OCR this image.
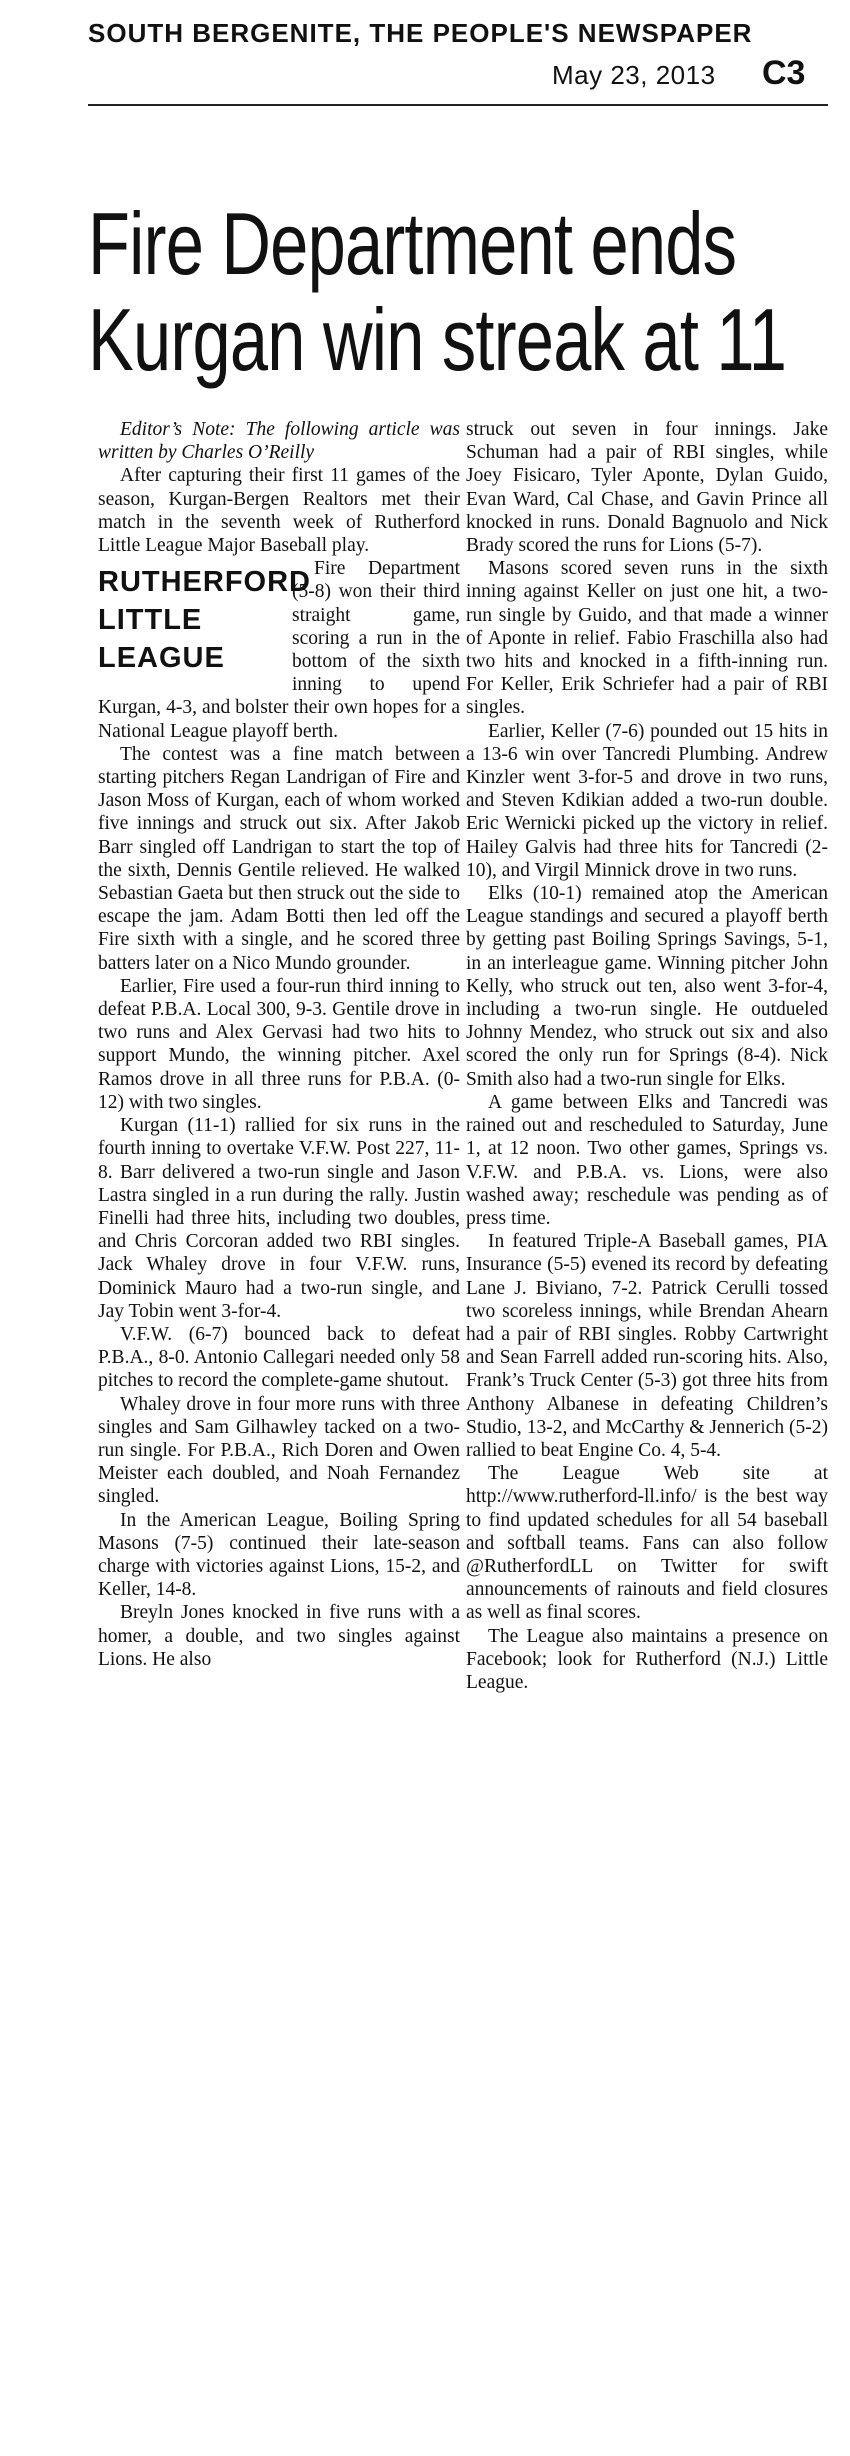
SOUTH BERGENITE, THE PEOPLE'S NEWSPAPER
May 23, 2013 C3
Fire Department ends
Kurgan win streak at 11

Editor’s Note: The following article was written by Charles O’Reilly

After capturing their first 11 games of the season, Kurgan-Bergen Realtors met their match in the seventh week of Rutherford Little League Major Baseball play.

RUTHERFORD
LITTLE LEAGUE

Fire Department (5-8) won their third straight game, scoring a run in the bottom of the sixth inning to upend Kurgan, 4-3, and bolster their own hopes for a National League playoff berth.

The contest was a fine match between starting pitchers Regan Landrigan of Fire and Jason Moss of Kurgan, each of whom worked five innings and struck out six. After Jakob Barr singled off Landrigan to start the top of the sixth, Dennis Gentile relieved. He walked Sebastian Gaeta but then struck out the side to escape the jam. Adam Botti then led off the Fire sixth with a single, and he scored three batters later on a Nico Mundo grounder.

Earlier, Fire used a four-run third inning to defeat P.B.A. Local 300, 9-3. Gentile drove in two runs and Alex Gervasi had two hits to support Mundo, the winning pitcher. Axel Ramos drove in all three runs for P.B.A. (0-12) with two singles.

Kurgan (11-1) rallied for six runs in the fourth inning to overtake V.F.W. Post 227, 11-8. Barr delivered a two-run single and Jason Lastra singled in a run during the rally. Justin Finelli had three hits, including two doubles, and Chris Corcoran added two RBI singles. Jack Whaley drove in four V.F.W. runs, Dominick Mauro had a two-run single, and Jay Tobin went 3-for-4.

V.F.W. (6-7) bounced back to defeat P.B.A., 8-0. Antonio Callegari needed only 58 pitches to record the complete-game shutout.

Whaley drove in four more runs with three singles and Sam Gilhawley tacked on a two-run single. For P.B.A., Rich Doren and Owen Meister each doubled, and Noah Fernandez singled.

In the American League, Boiling Spring Masons (7-5) continued their late-season charge with victories against Lions, 15-2, and Keller, 14-8.

Breyln Jones knocked in five runs with a homer, a double, and two singles against Lions. He also

struck out seven in four innings. Jake Schuman had a pair of RBI singles, while Joey Fisicaro, Tyler Aponte, Dylan Guido, Evan Ward, Cal Chase, and Gavin Prince all knocked in runs. Donald Bagnuolo and Nick Brady scored the runs for Lions (5-7).

Masons scored seven runs in the sixth inning against Keller on just one hit, a two-run single by Guido, and that made a winner of Aponte in relief. Fabio Fraschilla also had two hits and knocked in a fifth-inning run. For Keller, Erik Schriefer had a pair of RBI singles.

Earlier, Keller (7-6) pounded out 15 hits in a 13-6 win over Tancredi Plumbing. Andrew Kinzler went 3-for-5 and drove in two runs, and Steven Kdikian added a two-run double. Eric Wernicki picked up the victory in relief. Hailey Galvis had three hits for Tancredi (2-10), and Virgil Minnick drove in two runs.

Elks (10-1) remained atop the American League standings and secured a playoff berth by getting past Boiling Springs Savings, 5-1, in an interleague game. Winning pitcher John Kelly, who struck out ten, also went 3-for-4, including a two-run single. He outdueled Johnny Mendez, who struck out six and also scored the only run for Springs (8-4). Nick Smith also had a two-run single for Elks.

A game between Elks and Tancredi was rained out and rescheduled to Saturday, June 1, at 12 noon. Two other games, Springs vs. V.F.W. and P.B.A. vs. Lions, were also washed away; reschedule was pending as of press time.

In featured Triple-A Baseball games, PIA Insurance (5-5) evened its record by defeating Lane J. Biviano, 7-2. Patrick Cerulli tossed two scoreless innings, while Brendan Ahearn had a pair of RBI singles. Robby Cartwright and Sean Farrell added run-scoring hits. Also, Frank’s Truck Center (5-3) got three hits from Anthony Albanese in defeating Children’s Studio, 13-2, and McCarthy & Jennerich (5-2) rallied to beat Engine Co. 4, 5-4.

The League Web site at http://www.rutherford-ll.info/ is the best way to find updated schedules for all 54 baseball and softball teams. Fans can also follow @RutherfordLL on Twitter for swift announcements of rainouts and field closures as well as final scores.

The League also maintains a presence on Facebook; look for Rutherford (N.J.) Little League.
